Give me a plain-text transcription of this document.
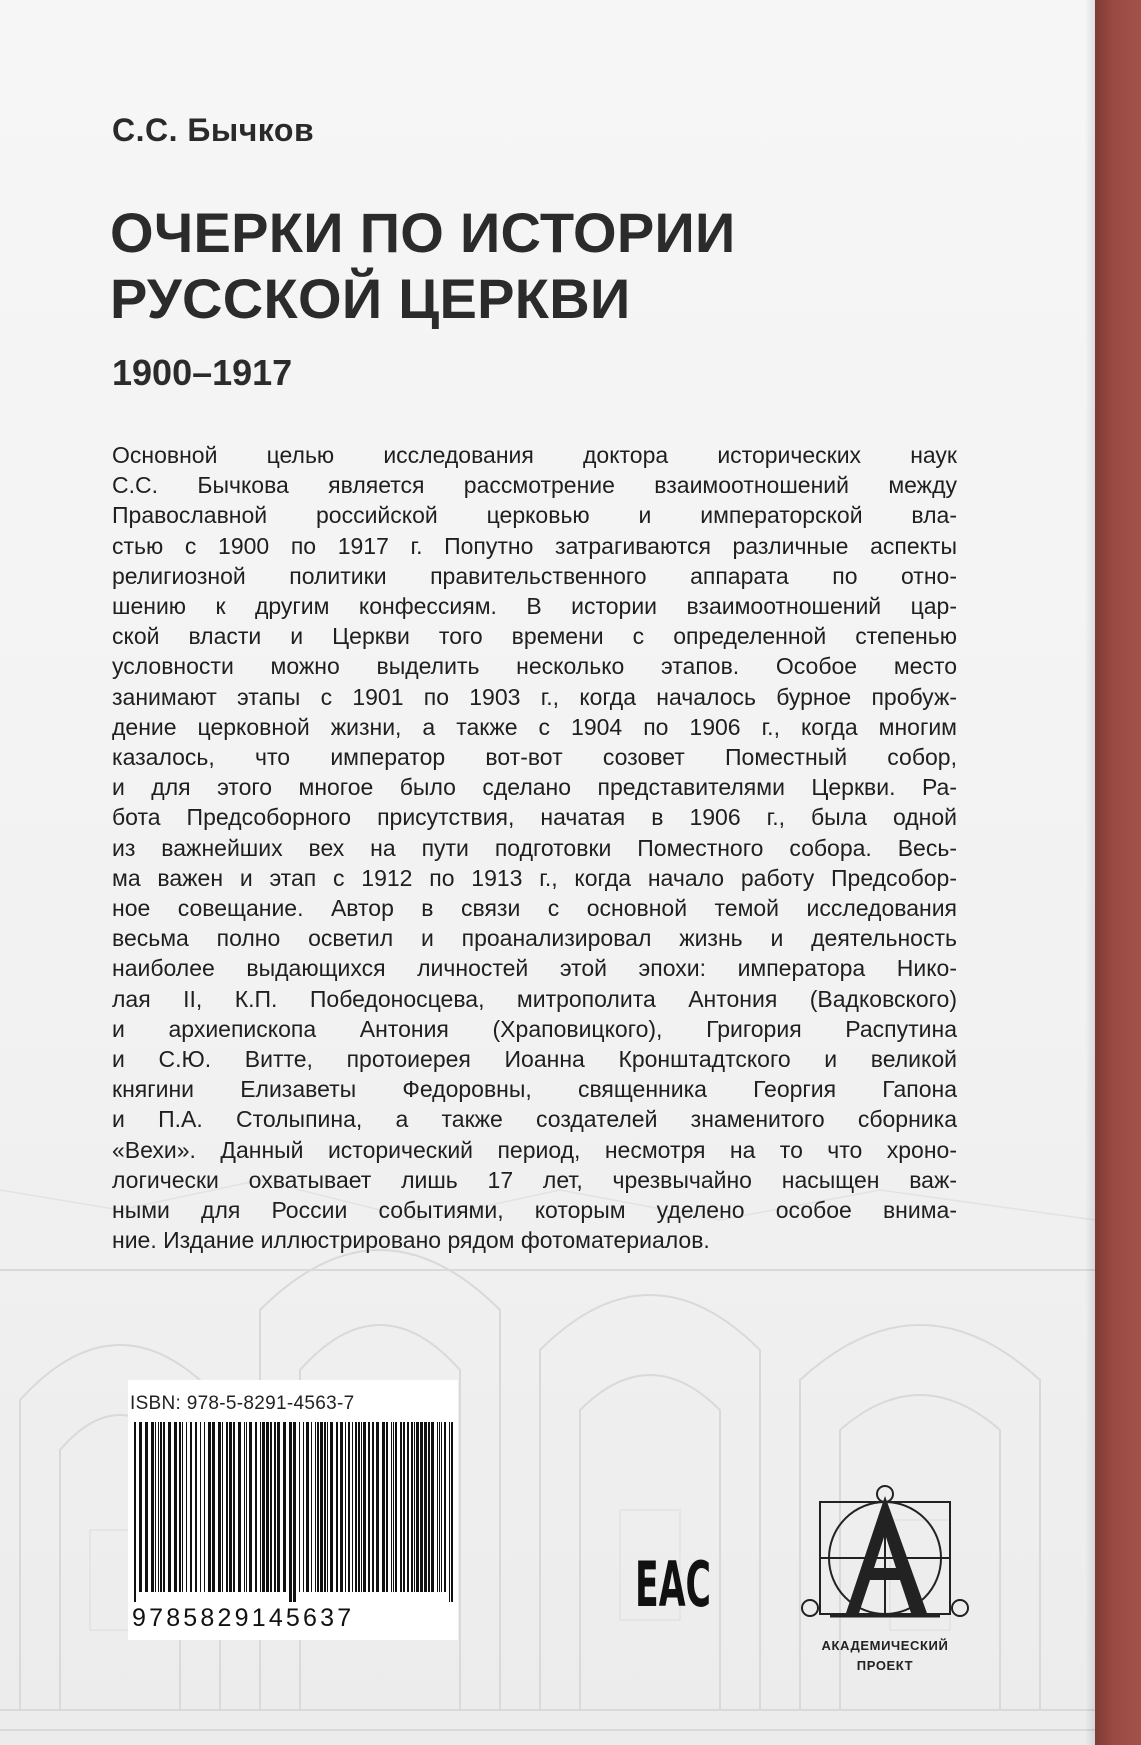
С.С. Бычков
ОЧЕРКИ ПО ИСТОРИИ
РУССКОЙ ЦЕРКВИ
1900–1917
Основной целью исследования доктора исторических наук
С.С. Бычкова является рассмотрение взаимоотношений между
Православной российской церковью и императорской вла-
стью с 1900 по 1917 г. Попутно затрагиваются различные аспекты
религиозной политики правительственного аппарата по отно-
шению к другим конфессиям. В истории взаимоотношений цар-
ской власти и Церкви того времени с определенной степенью
условности можно выделить несколько этапов. Особое место
занимают этапы с 1901 по 1903 г., когда началось бурное пробуж-
дение церковной жизни, а также с 1904 по 1906 г., когда многим
казалось, что император вот-вот созовет Поместный собор,
и для этого многое было сделано представителями Церкви. Ра-
бота Предсоборного присутствия, начатая в 1906 г., была одной
из важнейших вех на пути подготовки Поместного собора. Весь-
ма важен и этап с 1912 по 1913 г., когда начало работу Предсобор-
ное совещание. Автор в связи с основной темой исследования
весьма полно осветил и проанализировал жизнь и деятельность
наиболее выдающихся личностей этой эпохи: императора Нико-
лая II, К.П. Победоносцева, митрополита Антония (Вадковского)
и архиепископа Антония (Храповицкого), Григория Распутина
и С.Ю. Витте, протоиерея Иоанна Кронштадтского и великой
княгини Елизаветы Федоровны, священника Георгия Гапона
и П.А. Столыпина, а также создателей знаменитого сборника
«Вехи». Данный исторический период, несмотря на то что хроно-
логически охватывает лишь 17 лет, чрезвычайно насыщен важ-
ными для России событиями, которым уделено особое внима-
ние. Издание иллюстрировано рядом фотоматериалов.
ISBN: 978-5-8291-4563-7
9785829145637	EAC
АКАДЕМИЧЕСКИЙ
ПРОЕКТ
